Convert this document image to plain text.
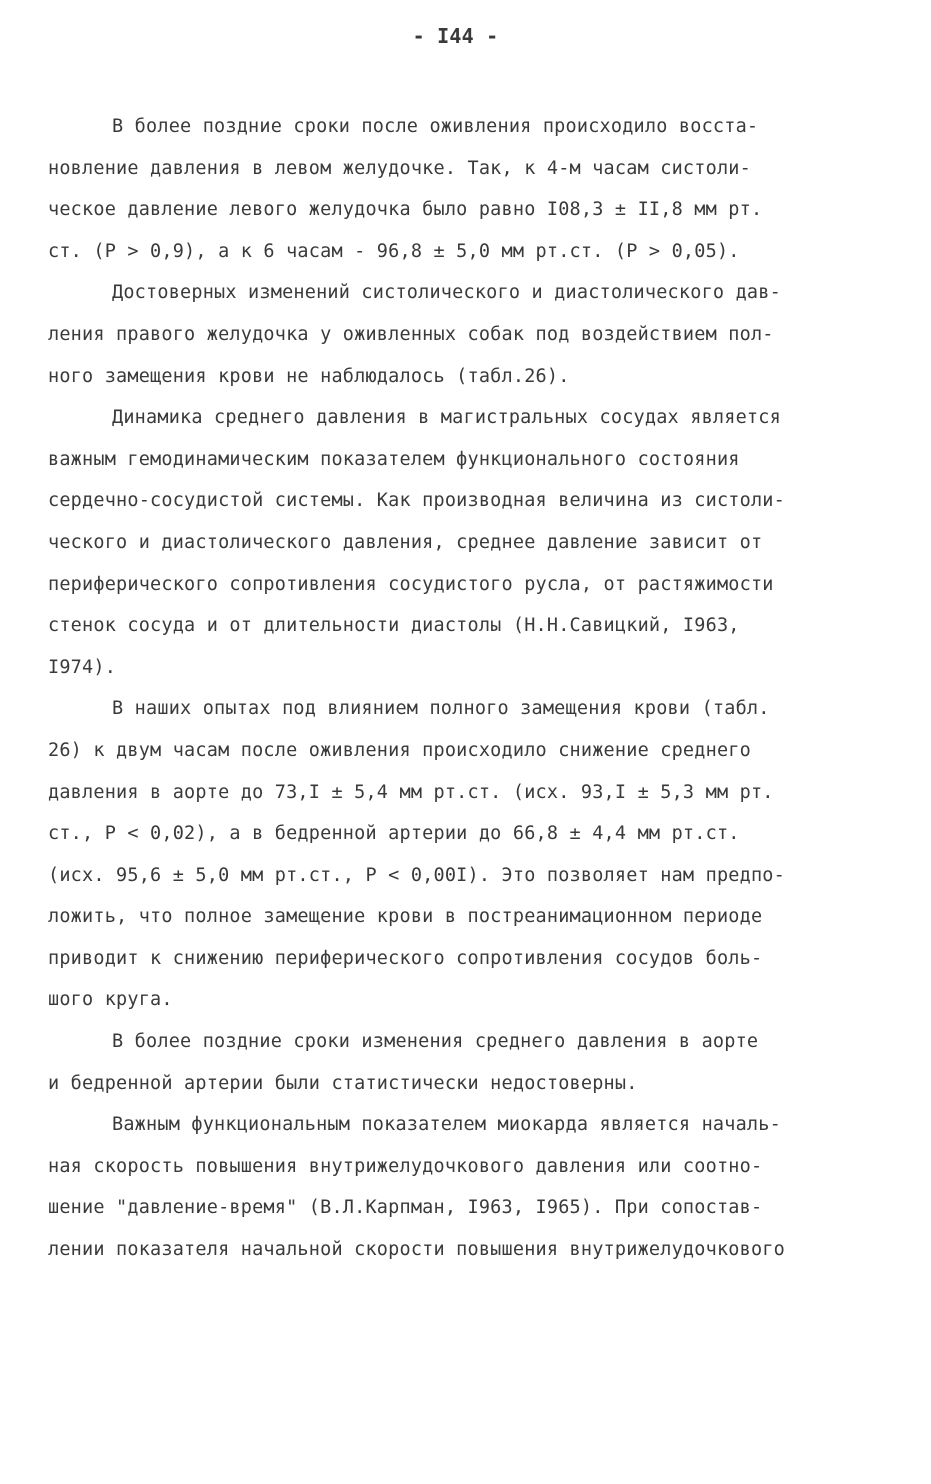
- I44 -
В более поздние сроки после оживления происходило восста-
новление давления в левом желудочке. Так, к 4-м часам систоли-
ческое давление левого желудочка было равно I08,3 ± II,8 мм рт.
ст. (P > 0,9), а к 6 часам - 96,8 ± 5,0 мм рт.ст. (P > 0,05).
Достоверных изменений систолического и диастолического дав-
ления правого желудочка у оживленных собак под воздействием пол-
ного замещения крови не наблюдалось (табл.26).
Динамика среднего давления в магистральных сосудах является
важным гемодинамическим показателем функционального состояния
сердечно-сосудистой системы. Как производная величина из систоли-
ческого и диастолического давления, среднее давление зависит от
периферического сопротивления сосудистого русла, от растяжимости
стенок сосуда и от длительности диастолы (Н.Н.Савицкий, I963,
I974).
В наших опытах под влиянием полного замещения крови (табл.
26) к двум часам после оживления происходило снижение среднего
давления в аорте до 73,I ± 5,4 мм рт.ст. (исх. 93,I ± 5,3 мм рт.
ст., P < 0,02), а в бедренной артерии до 66,8 ± 4,4 мм рт.ст.
(исх. 95,6 ± 5,0 мм рт.ст., P < 0,00I). Это позволяет нам предпо-
ложить, что полное замещение крови в постреанимационном периоде
приводит к снижению периферического сопротивления сосудов боль-
шого круга.
В более поздние сроки изменения среднего давления в аорте
и бедренной артерии были статистически недостоверны.
Важным функциональным показателем миокарда является началь-
ная скорость повышения внутрижелудочкового давления или соотно-
шение "давление-время" (В.Л.Карпман, I963, I965). При сопостав-
лении показателя начальной скорости повышения внутрижелудочкового
